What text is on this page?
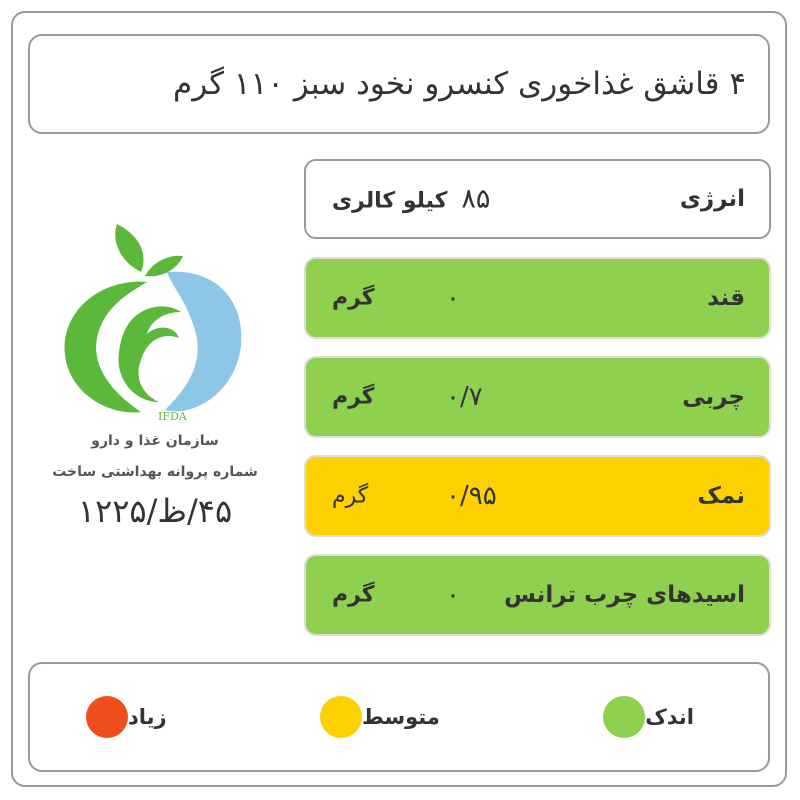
۴ قاشق غذاخوری کنسرو نخود سبز ۱۱۰ گرم
انرژی
۸۵کیلو کالری
قند
۰
گرم
چربی
۰/۷
گرم
نمک
۰/۹۵
گرم
اسیدهای چرب ترانس
۰
گرم
IFDA
سازمان غذا و دارو
شماره پروانه بهداشتی ساخت
۴۵/ظ/۱۲۲۵
اندک
متوسط
زیاد
